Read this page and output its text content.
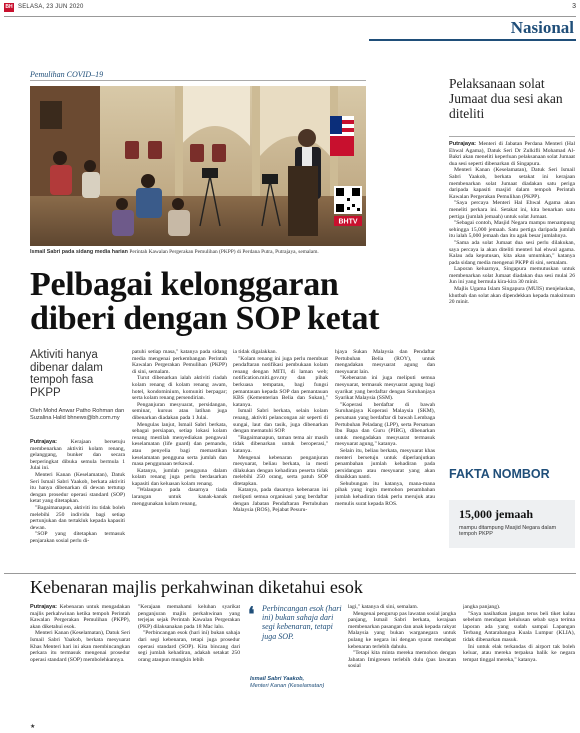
BH SELASA, 23 JUN 2020	3
Nasional
Pemulihan COVID–19
BHTV
Ismail Sabri pada sidang media harian Perintah Kawalan Pergerakan Pemulihan (PKPP) di Perdana Putra, Putrajaya, semalam.
Pelbagai kelonggaran diberi dengan SOP ketat
Aktiviti hanya dibenar dalam tempoh fasa PKPP
Oleh Mohd Anwar Patho Rohman dan Suzalina Halid bhnews@bh.com.my

Putrajaya: Kerajaan bersetuju membenarkan aktiviti kolam renang, gelanggang, bunker dan secara berperingkat dibuka semula bermula 1 Julai ini.

Menteri Kanan (Keselamatan), Datuk Seri Ismail Sabri Yaakob, berkata aktiviti itu hanya dibenarkan di dewan tertutup dengan prosedur operasi standard (SOP) ketat yang ditetapkan.

"Bagaimanapun, aktiviti itu tidak boleh melebihi 250 individu bagi setiap pertunjukan dan tertakluk kepada kapasiti dewan.

"SOP yang ditetapkan termasuk penjarakan sosial perlu di-

patuhi setiap masa," katanya pada sidang media mengenai perkembangan Perintah Kawalan Pergerakan Pemulihan (PKPP) di sini, semalam.

Turut dibenarkan ialah aktiviti riadah kolam renang di kolam renang awam, hotel, kondominium, komuniti berpagar; serta kolam renang persendirian.

Penganjuran mesyuarat, persidangan, seminar, kursus atau latihan juga dibenarkan diadakan pada 1 Julai.

Mengulas lanjut, Ismail Sabri berkata, sebagai persiapan, setiap lokasi kolam renang mestilah menyediakan pengawal keselamatan (life guard) dan pemandu, atau penyelia bagi memastikan keselamatan pengguna serta jumlah dan masa penggunaan terkawal.

Katanya, jumlah pengguna dalam kolam renang juga perlu berdasarkan kapasiti dan keluasan kolam renang.

"Walaupun pada dasarnya tiada larangan untuk kanak-kanak menggunakan kolam renang,

ia tidak digalakkan.

"Kolam renang ini juga perlu membuat pendaftaran notifikasi pembukaan kolam renang dengan MITI, di laman web; notification.miti.gov.my dan pihak berkuasa tempatan, bagi fungsi pemantauan kepada SOP dan pemantauan KBS (Kementerian Belia dan Sukan)," katanya.

Ismail Sabri berkata, selain kolam renang, aktiviti pelancongan air seperti di sungai, laut dan tasik, juga dibenarkan dengan mematuhi SOP.

"Bagaimanapun, taman tema air masih tidak dibenarkan untuk beroperasi," katanya.

Mengenai kebenaran penganjuran mesyuarat, beliau berkata, ia mesti dilakukan dengan kehadiran peserta tidak melebihi 250 orang, serta patuh SOP ditetapkan.

Katanya, pada dasarnya kebenaran ini meliputi semua organisasi yang berdaftar dengan Jabatan Pendaftaran Pertubuhan Malaysia (ROS), Pejabat Pesuru-

hjaya Sukan Malaysia dan Pendaftar Pertubuhan Belia (ROY), untuk mengadakan mesyuarat agung dan mesyuarat lain.

"Kebenaran ini juga meliputi semua mesyuarat, termasuk mesyuarat agung bagi syarikat yang berdaftar dengan Suruhanjaya Syarikat Malaysia (SSM).

"Koperasi berdaftar di bawah Suruhanjaya Koperasi Malaysia (SKM), persatuan yang berdaftar di bawah Lembaga Pertubuhan Peladang (LPP), serta Persatuan Ibu Bapa dan Guru (PIBG), dibenarkan untuk mengadakan mesyuarat termasuk mesyuarat agung," katanya.

Selain itu, beliau berkata, mesyuarat khas menteri bersetuju untuk diperlanjutkan penambahan jumlah kehadiran pada persidangan atau mesyuarat yang akan dinaikkan nanti.

Sehubungan itu katanya, mana-mana pihak yang ingin memohon penambahan jumlah kehadiran tidak perlu merujuk atau memulis surat kepada ROS.

Pelaksanaan solat Jumaat dua sesi akan diteliti

Putrajaya: Menteri di Jabatan Perdana Menteri (Hal Ehwal Agama), Datuk Seri Dr Zulkifli Mohamad Al-Bakri akan meneliti keperluan pelaksanaan solat Jumaat dua sesi seperti dibenarkan di Singapura.

Menteri Kanan (Keselamatan), Datuk Seri Ismail Sabri Yaakob, berkata setakat ini kerajaan membenarkan solat Jumaat diadakan satu periga daripada kapasiti masjid dalam tempoh Perintah Kawalan Pergerakan Pemulihan (PKPP).

"Saya percaya Menteri Hal Ehwal Agama akan meneliti perkara ini. Setakat ini, kita benarkan satu pertiga (jumlah jemaah) untuk solat Jumaat.

"Sebagai contoh, Masjid Negara mampu menampung sehingga 15,000 jemaah. Satu pertiga daripada jumlah itu ialah 5,000 jemaah dan itu agak besar jumlahnya.

"Sama ada solat Jumaat dua sesi perlu dilakukan, saya percaya ia akan diteliti menteri hal ehwal agama. Kalau ada keputusan, kita akan umumkan," katanya pada sidang media mengenai PKPP di sini, semalam.

Laporan keluarnya, Singapura memutuskan untuk membenarkan solat Jumaat diadakan dua sesi mulai 26 Jun ini yang bermula kira-kira 30 minit.

Majlis Ugama Islam Singapura (MUIS) menjelaskan, khutbah dan solat akan dipendekkan kepada maksimum 20 minit.

FAKTA NOMBOR
15,000 jemaah
mampu ditampung Masjid Negara dalam tempoh PKPP
Kebenaran majlis perkahwinan diketahui esok

Putrajaya: Kebenaran untuk mengadakan majlis perkahwinan ketika tempoh Perintah Kawalan Pergerakan Pemulihan (PKPP), akan diketahui esok.

Menteri Kanan (Keselamatan), Datuk Seri Ismail Sabri Yaakob, berkata mesyuarat Khas Menteri hari ini akan membincangkan perkara itu termasuk mengenai prosedur operasi standard (SOP) membolehkannya.

"Kerajaan memahami keluhan syarikat penganjuran majlis perkahwinan yang terjejas sejak Perintah Kawalan Pergerakan (PKP) dilaksanakan pada 18 Mac lalu.

"Perbincangan esok (hari ini) bukan sahaja dari segi kebenaran, tetapi juga prosedur operasi standard (SOP). Kita bincang dari segi jumlah kehadiran, adakah setakat 250 orang ataupun mungkin lebih

❛ Perbincangan esok (hari ini) bukan sahaja dari segi kebenaran, tetapi juga SOP.
Ismail Sabri Yaakob,
Menteri Kanan (Keselamatan)

lagi," katanya di sini, semalam.

Mengenai pengurup pas lawatan sosial jangka panjang, Ismail Sabri berkata, kerajaan membenarkan pasangan dan anak kepada rakyat Malaysia yang bukan warganegara untuk pulang ke negara ini dengan syarat mendapat kebenaran terlebih dahulu.

"Tetapi kita minta mereka memohon dengan Jabatan Imigresen terlebih dulu (pas lawatan sosial

jangka panjang).

"Saya nasihatkan jangan terus beli tiket kalau sebelum mendapat kelulusan sebab saya terima laporan ada yang sudah sampai Lapangan Terbang Antarabangsa Kuala Lumpur (KLIA), tidak dibenarkan masuk.

Ini untuk elak terkandas di airport tak boleh keluar, atau mereka terpaksa balik ke negara tempat tinggal mereka," katanya.

★
